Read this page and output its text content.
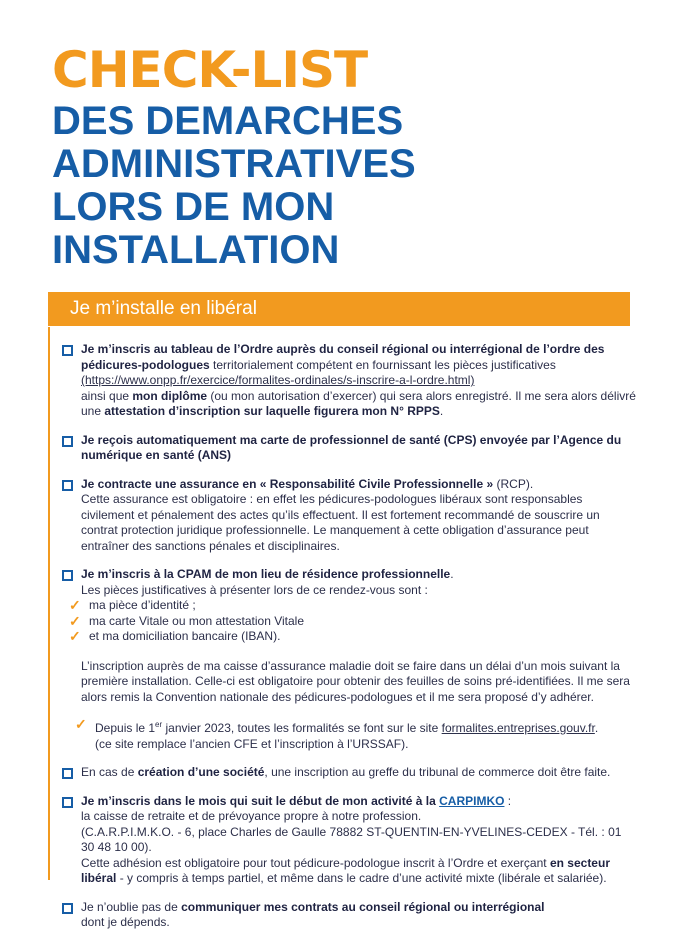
CHECK-LIST
DES DEMARCHES
ADMINISTRATIVES
LORS DE MON
INSTALLATION
Je m’installe en libéral

Je m’inscris au tableau de l’Ordre auprès du conseil régional ou interrégional de l’ordre des pédicures-podologues territorialement compétent en fournissant les pièces justificatives
(https://www.onpp.fr/exercice/formalites-ordinales/s-inscrire-a-l-ordre.html)
ainsi que mon diplôme (ou mon autorisation d’exercer) qui sera alors enregistré. Il me sera alors délivré une attestation d’inscription sur laquelle figurera mon N° RPPS.

Je reçois automatiquement ma carte de professionnel de santé (CPS) envoyée par l’Agence du numérique en santé (ANS)

Je contracte une assurance en « Responsabilité Civile Professionnelle » (RCP).
Cette assurance est obligatoire : en effet les pédicures-podologues libéraux sont responsables civilement et pénalement des actes qu’ils effectuent. Il est fortement recommandé de souscrire un contrat protection juridique professionnelle. Le manquement à cette obligation d’assurance peut entraîner des sanctions pénales et disciplinaires.

Je m’inscris à la CPAM de mon lieu de résidence professionnelle.
Les pièces justificatives à présenter lors de ce rendez-vous sont :

✓ ma pièce d’identité ;
✓ ma carte Vitale ou mon attestation Vitale
✓ et ma domiciliation bancaire (IBAN).

L’inscription auprès de ma caisse d’assurance maladie doit se faire dans un délai d’un mois suivant la première installation. Celle-ci est obligatoire pour obtenir des feuilles de soins pré-identifiées. Il me sera alors remis la Convention nationale des pédicures-podologues et il me sera proposé d’y adhérer.

✓ Depuis le 1er janvier 2023, toutes les formalités se font sur le site formalites.entreprises.gouv.fr.
(ce site remplace l’ancien CFE et l’inscription à l’URSSAF).

En cas de création d’une société, une inscription au greffe du tribunal de commerce doit être faite.

Je m’inscris dans le mois qui suit le début de mon activité à la CARPIMKO :
la caisse de retraite et de prévoyance propre à notre profession.
(C.A.R.P.I.M.K.O. - 6, place Charles de Gaulle 78882 ST-QUENTIN-EN-YVELINES-CEDEX - Tél. : 01 30 48 10 00).
Cette adhésion est obligatoire pour tout pédicure-podologue inscrit à l’Ordre et exerçant en secteur libéral - y compris à temps partiel, et même dans le cadre d’une activité mixte (libérale et salariée).

Je n’oublie pas de communiquer mes contrats au conseil régional ou interrégional
dont je dépends.
